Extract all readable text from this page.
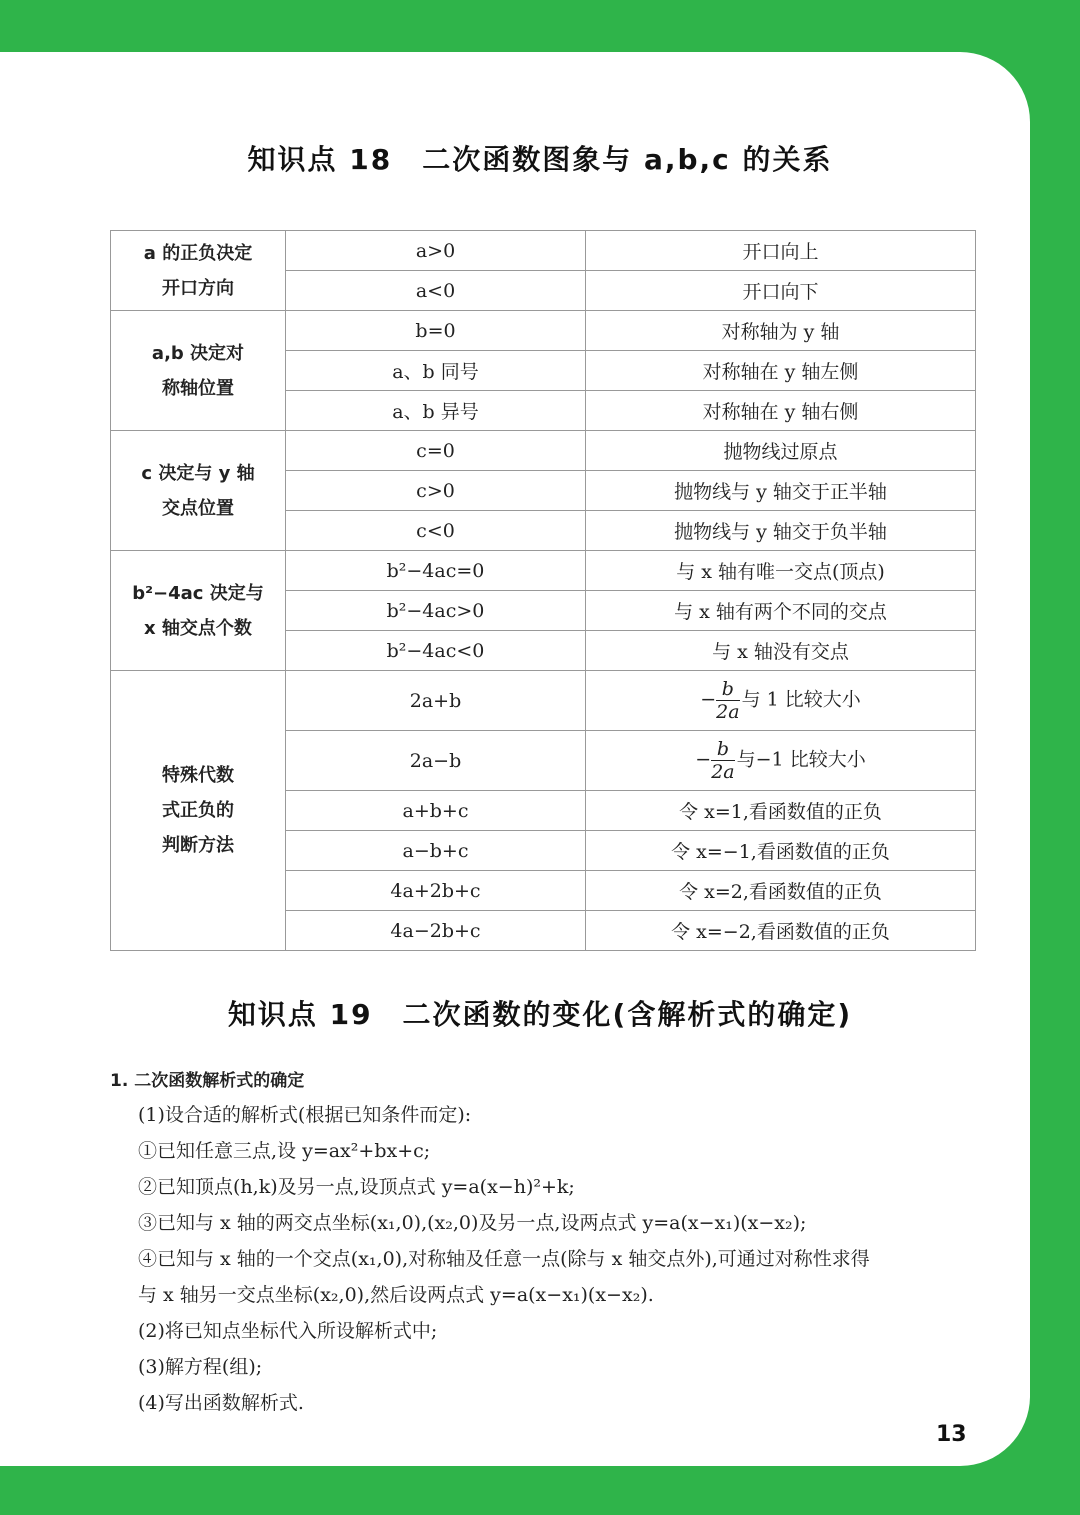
知识点 18　二次函数图象与 a,b,c 的关系
a 的正负决定
开口方向	a>0	开口向上
	a<0	开口向下

a,b 决定对
称轴位置	b=0	对称轴为 y 轴
	a、b 同号	对称轴在 y 轴左侧
	a、b 异号	对称轴在 y 轴右侧

c 决定与 y 轴
交点位置	c=0	抛物线过原点
	c>0	抛物线与 y 轴交于正半轴
	c<0	抛物线与 y 轴交于负半轴

b²−4ac 决定与
x 轴交点个数	b²−4ac=0	与 x 轴有唯一交点(顶点)
	b²−4ac>0	与 x 轴有两个不同的交点
	b²−4ac<0	与 x 轴没有交点

特殊代数
式正负的
判断方法	2a+b	− $\frac{b}{2a}$ 与 1 比较大小
	2a−b	− $\frac{b}{2a}$ 与−1 比较大小
	a+b+c	令 x=1,看函数值的正负
	a−b+c	令 x=−1,看函数值的正负
	4a+2b+c	令 x=2,看函数值的正负
	4a−2b+c	令 x=−2,看函数值的正负
知识点 19　二次函数的变化(含解析式的确定)
1. 二次函数解析式的确定

(1)设合适的解析式(根据已知条件而定):

①已知任意三点,设 y=ax²+bx+c;

②已知顶点(h,k)及另一点,设顶点式 y=a(x−h)²+k;

③已知与 x 轴的两交点坐标(x₁,0),(x₂,0)及另一点,设两点式 y=a(x−x₁)(x−x₂);

④已知与 x 轴的一个交点(x₁,0),对称轴及任意一点(除与 x 轴交点外),可通过对称性求得

与 x 轴另一交点坐标(x₂,0),然后设两点式 y=a(x−x₁)(x−x₂).

(2)将已知点坐标代入所设解析式中;

(3)解方程(组);

(4)写出函数解析式.

13
